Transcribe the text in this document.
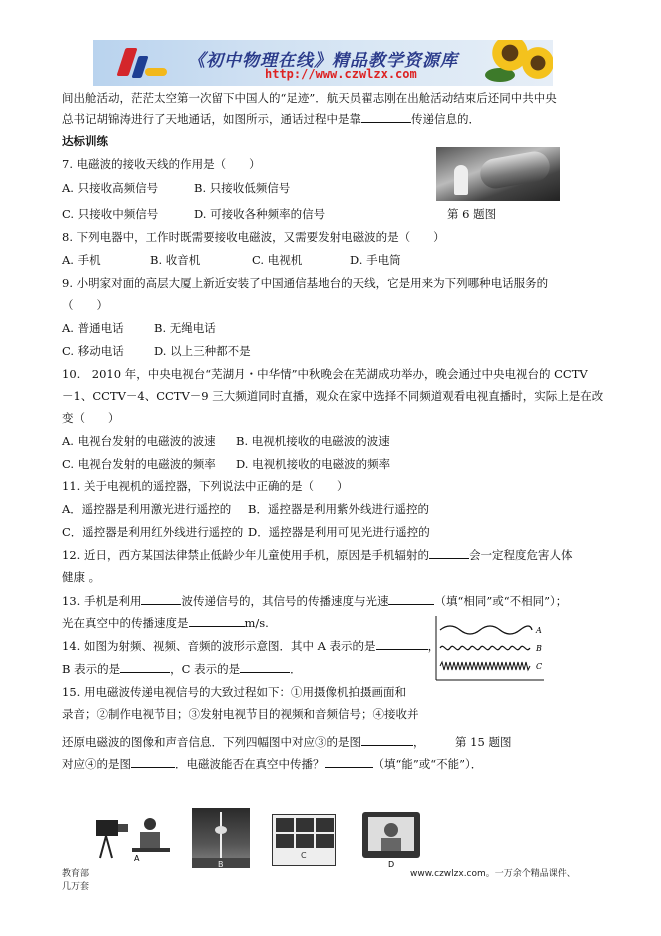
《初中物理在线》精品教学资源库
http://www.czwlzx.com
间出舱活动，茫茫太空第一次留下中国人的“足迹”．航天员翟志刚在出舱活动结束后还同中共中央
总书记胡锦涛进行了天地通话，如图所示，通话过程中是靠	传递信息的．
达标训练
7. 电磁波的接收天线的作用是（　　）
A. 只接收高频信号	B. 只接收低频信号
C. 只接收中频信号	D. 可接收各种频率的信号	第 6 题图
8. 下列电器中，工作时既需要接收电磁波，又需要发射电磁波的是（　　）
A. 手机	B. 收音机	C. 电视机	D. 手电筒
9. 小明家对面的高层大厦上新近安装了中国通信基地台的天线，它是用来为下列哪种电话服务的
（　　）
A. 普通电话	B. 无绳电话
C. 移动电话	D. 以上三种都不是
10.　2010 年，中央电视台“芜湖月・中华情”中秋晚会在芜湖成功举办，晚会通过中央电视台的 CCTV
－1、CCTV－4、CCTV－9 三大频道同时直播，观众在家中选择不同频道观看电视直播时，实际上是在改
变（　　）
A. 电视台发射的电磁波的波速 B. 电视机接收的电磁波的波速
C. 电视台发射的电磁波的频率 D. 电视机接收的电磁波的频率
11. 关于电视机的遥控器，下列说法中正确的是（　　）
A．遥控器是利用激光进行遥控的 B．遥控器是利用紫外线进行遥控的
C．遥控器是利用红外线进行遥控的 D．遥控器是利用可见光进行遥控的
12. 近日，西方某国法律禁止低龄少年儿童使用手机，原因是手机辐射的	会一定程度危害人体
健康 。
13. 手机是利用	波传递信号的，其信号的传播速度与光速	（填“相同”或“不相同”）；
光在真空中的传播速度是	m/s.
A
B
C
14. 如图为射频、视频、音频的波形示意图．其中 A 表示的是	，
B 表示的是	，C 表示的是	．
15. 用电磁波传递电视信号的大致过程如下：①用摄像机拍摄画面和
录音；②制作电视节目；③发射电视节目的视频和音频信号；④接收并
还原电磁波的图像和声音信息．下列四幅图中对应③的是图	，	第 15 题图
对应④的是图	．电磁波能否在真空中传播？	（填“能”或“不能”）．
A
B
C
D
教育部
几万套
www.czwlzx.com。一万余个精品课件、
